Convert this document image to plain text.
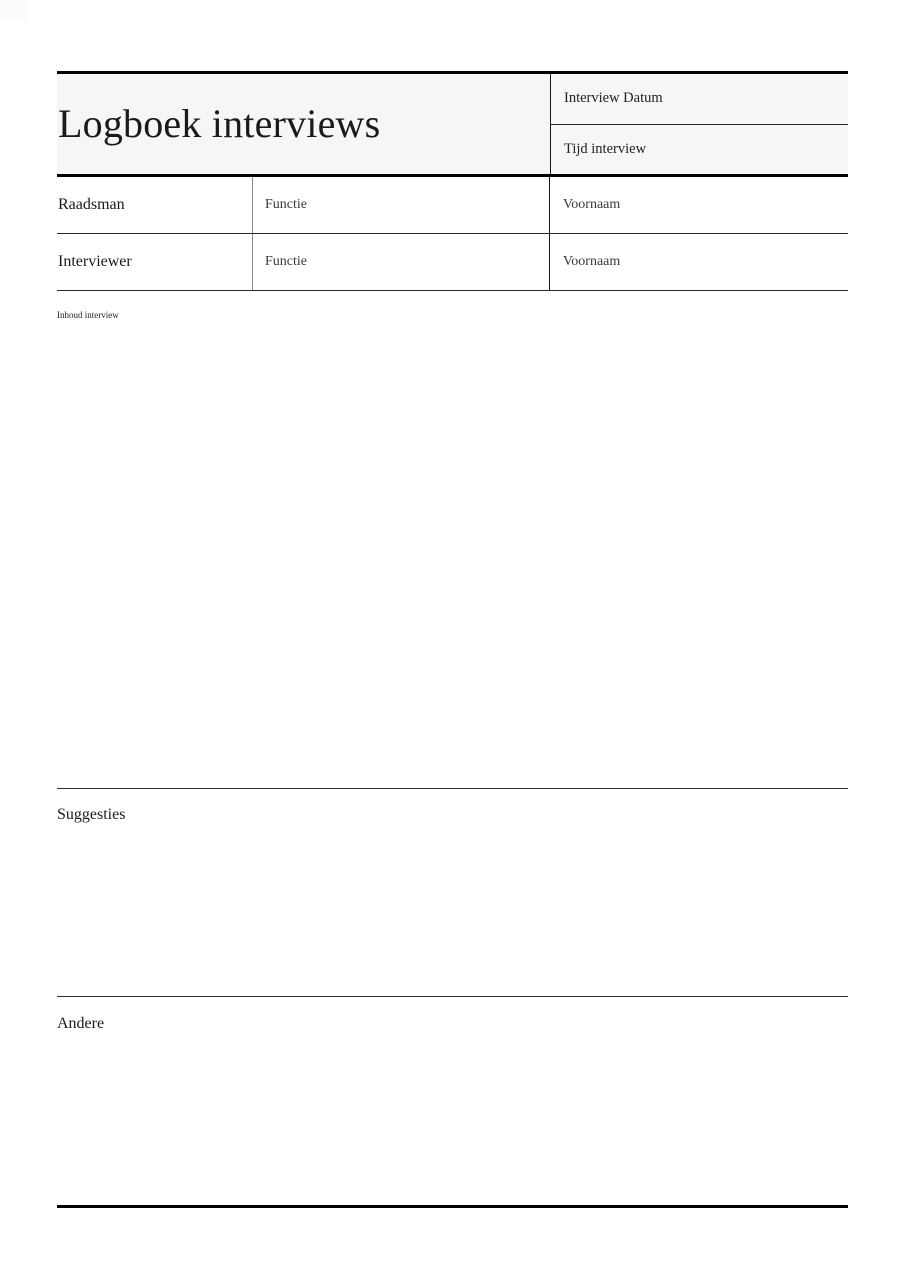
Logboek interviews
Interview Datum
Tijd interview
Raadsman	Functie	Voornaam
Interviewer	Functie	Voornaam
Inhoud interview
Suggesties
Andere
